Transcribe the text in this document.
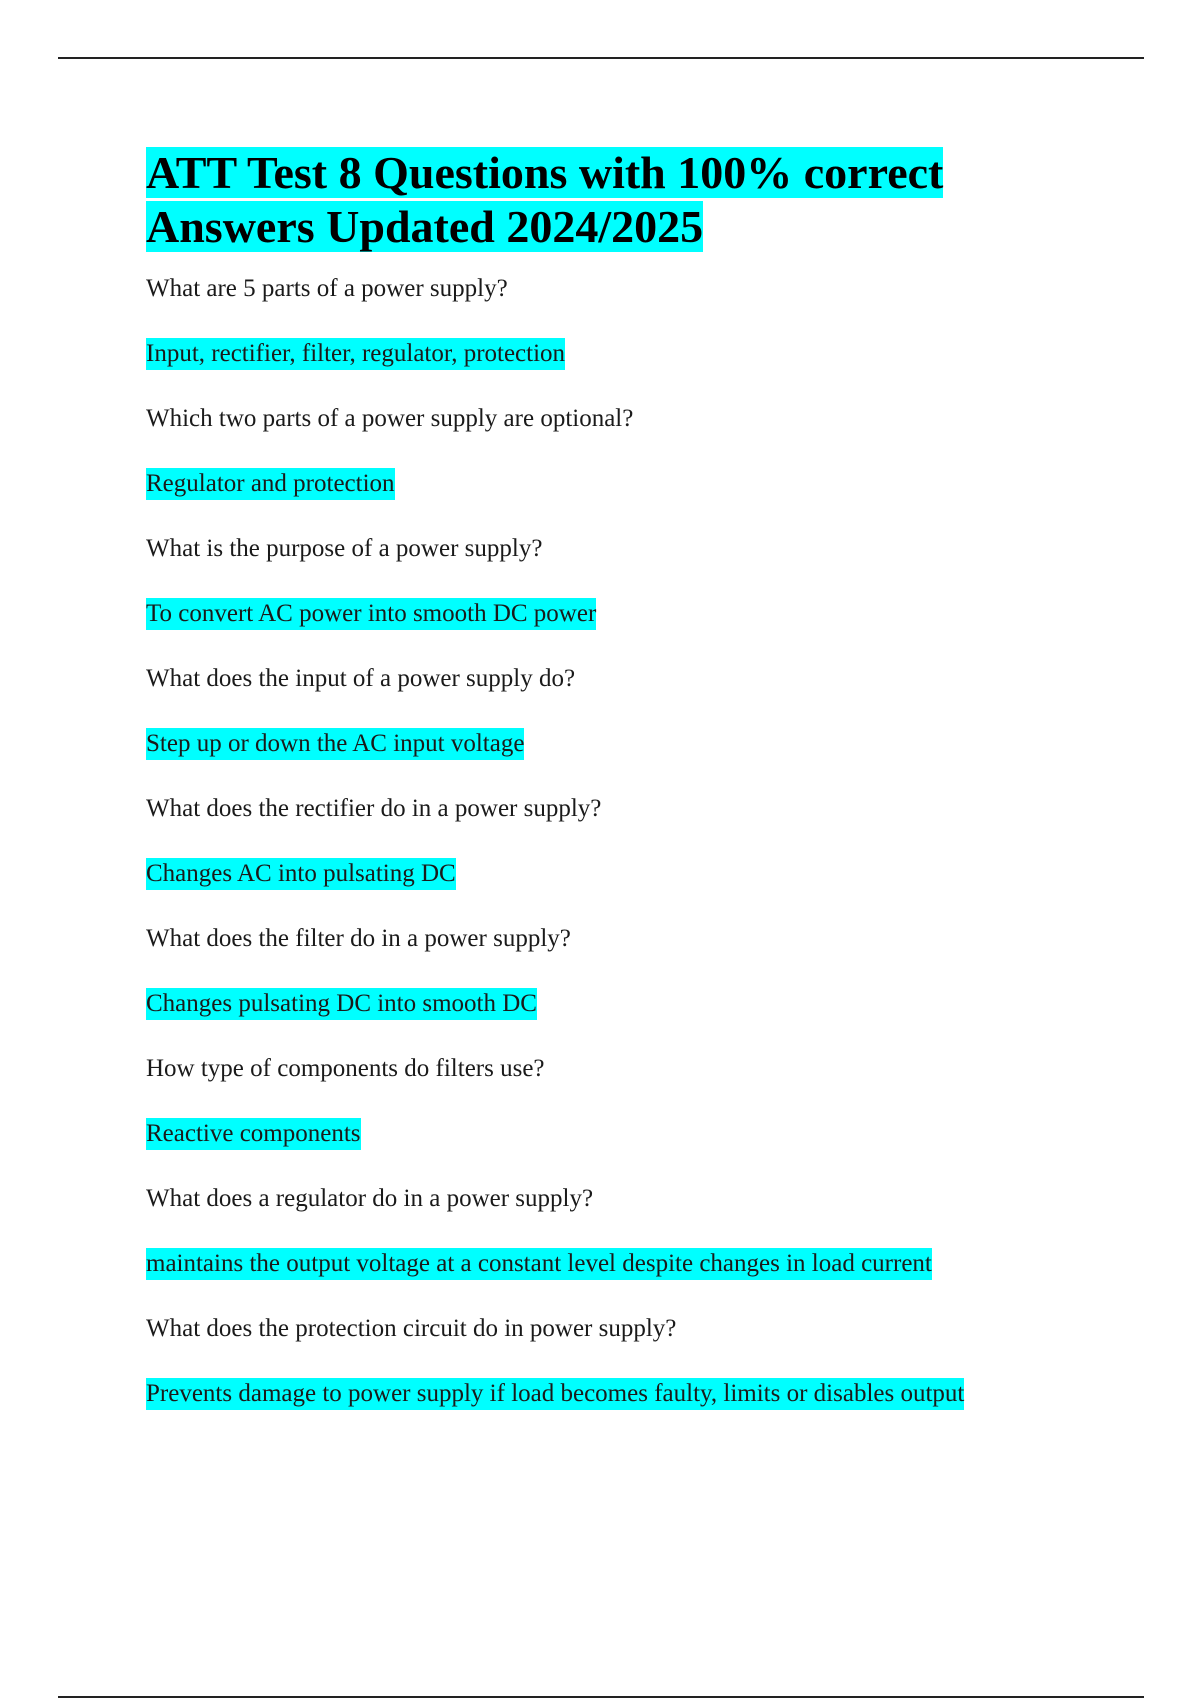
ATT Test 8 Questions with 100% correct Answers Updated 2024/2025
What are 5 parts of a power supply?
Input, rectifier, filter, regulator, protection
Which two parts of a power supply are optional?
Regulator and protection
What is the purpose of a power supply?
To convert AC power into smooth DC power
What does the input of a power supply do?
Step up or down the AC input voltage
What does the rectifier do in a power supply?
Changes AC into pulsating DC
What does the filter do in a power supply?
Changes pulsating DC into smooth DC
How type of components do filters use?
Reactive components
What does a regulator do in a power supply?
maintains the output voltage at a constant level despite changes in load current
What does the protection circuit do in power supply?
Prevents damage to power supply if load becomes faulty, limits or disables output
